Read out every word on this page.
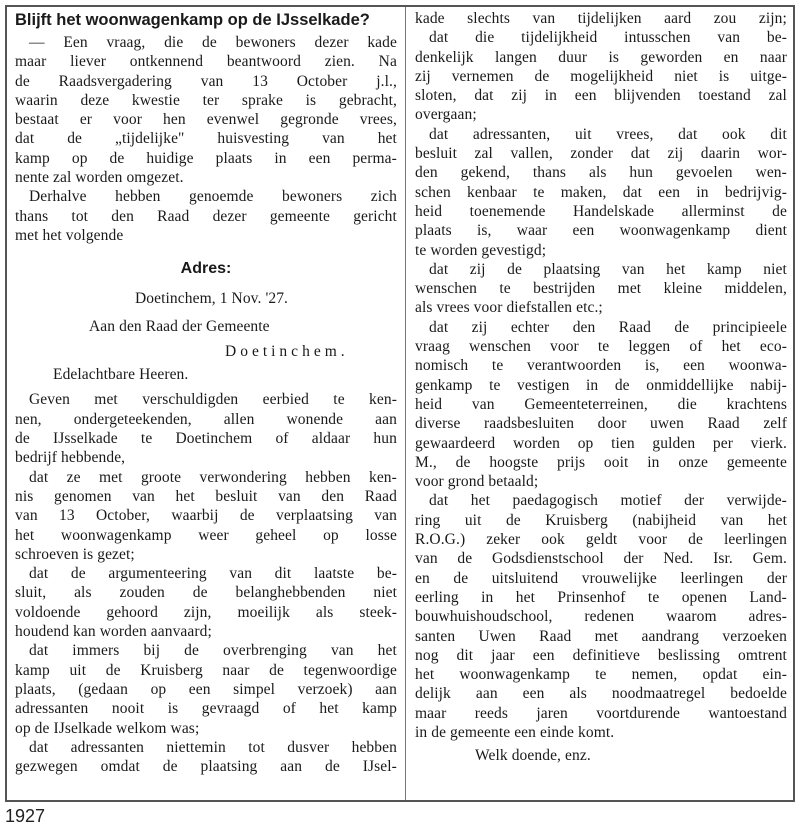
Blijft het woonwagenkamp op de IJsselkade?
— Een vraag, die de bewoners dezer kade
maar liever ontkennend beantwoord zien. Na
de Raadsvergadering van 13 October j.l.,
waarin deze kwestie ter sprake is gebracht,
bestaat er voor hen evenwel gegronde vrees,
dat de „tijdelijke" huisvesting van het
kamp op de huidige plaats in een perma-
nente zal worden omgezet.
Derhalve hebben genoemde bewoners zich
thans tot den Raad dezer gemeente gericht
met het volgende
Adres:
Doetinchem, 1 Nov. '27.
Aan den Raad der Gemeente
Doetinchem.
Edelachtbare Heeren.
Geven met verschuldigden eerbied te ken-
nen, ondergeteekenden, allen wonende aan
de IJsselkade te Doetinchem of aldaar hun
bedrijf hebbende,
dat ze met groote verwondering hebben ken-
nis genomen van het besluit van den Raad
van 13 October, waarbij de verplaatsing van
het woonwagenkamp weer geheel op losse
schroeven is gezet;
dat de argumenteering van dit laatste be-
sluit, als zouden de belanghebbenden niet
voldoende gehoord zijn, moeilijk als steek-
houdend kan worden aanvaard;
dat immers bij de overbrenging van het
kamp uit de Kruisberg naar de tegenwoordige
plaats, (gedaan op een simpel verzoek) aan
adressanten nooit is gevraagd of het kamp
op de IJselkade welkom was;
dat adressanten niettemin tot dusver hebben
gezwegen omdat de plaatsing aan de IJsel-
kade slechts van tijdelijken aard zou zijn;
dat die tijdelijkheid intusschen van be-
denkelijk langen duur is geworden en naar
zij vernemen de mogelijkheid niet is uitge-
sloten, dat zij in een blijvenden toestand zal
overgaan;
dat adressanten, uit vrees, dat ook dit
besluit zal vallen, zonder dat zij daarin wor-
den gekend, thans als hun gevoelen wen-
schen kenbaar te maken, dat een in bedrijvig-
heid toenemende Handelskade allerminst de
plaats is, waar een woonwagenkamp dient
te worden gevestigd;
dat zij de plaatsing van het kamp niet
wenschen te bestrijden met kleine middelen,
als vrees voor diefstallen etc.;
dat zij echter den Raad de principieele
vraag wenschen voor te leggen of het eco-
nomisch te verantwoorden is, een woonwa-
genkamp te vestigen in de onmiddellijke nabij-
heid van Gemeenteterreinen, die krachtens
diverse raadsbesluiten door uwen Raad zelf
gewaardeerd worden op tien gulden per vierk.
M., de hoogste prijs ooit in onze gemeente
voor grond betaald;
dat het paedagogisch motief der verwijde-
ring uit de Kruisberg (nabijheid van het
R.O.G.) zeker ook geldt voor de leerlingen
van de Godsdienstschool der Ned. Isr. Gem.
en de uitsluitend vrouwelijke leerlingen der
eerling in het Prinsenhof te openen Land-
bouwhuishoudschool, redenen waarom adres-
santen Uwen Raad met aandrang verzoeken
nog dit jaar een definitieve beslissing omtrent
het woonwagenkamp te nemen, opdat ein-
delijk aan een als noodmaatregel bedoelde
maar reeds jaren voortdurende wantoestand
in de gemeente een einde komt.
Welk doende, enz.
1927
